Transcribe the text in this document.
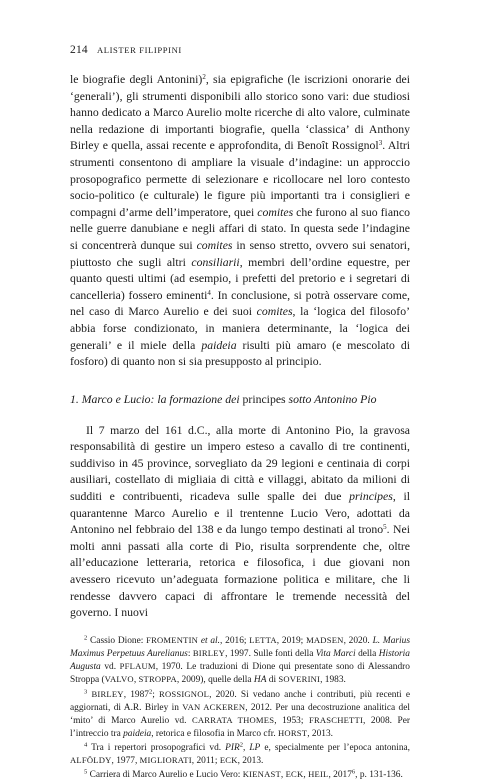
214 ALISTER FILIPPINI

le biografie degli Antonini)$^2$, sia epigrafiche (le iscrizioni onorarie dei ‘generali’), gli strumenti disponibili allo storico sono vari: due studiosi hanno dedicato a Marco Aurelio molte ricerche di alto valore, culminate nella redazione di importanti biografie, quella ‘classica’ di Anthony Birley e quella, assai recente e approfondita, di Benoît Rossignol$^3$. Altri strumenti consentono di ampliare la visuale d’indagine: un approccio prosopografico permette di selezionare e ricollocare nel loro contesto socio-politico (e culturale) le figure più importanti tra i consiglieri e compagni d’arme dell’imperatore, quei comites che furono al suo fianco nelle guerre danubiane e negli affari di stato. In questa sede l’indagine si concentrerà dunque sui comites in senso stretto, ovvero sui senatori, piuttosto che sugli altri consiliarii, membri dell’ordine equestre, per quanto questi ultimi (ad esempio, i prefetti del pretorio e i segretari di cancelleria) fossero eminenti$^4$. In conclusione, si potrà osservare come, nel caso di Marco Aurelio e dei suoi comites, la ‘logica del filosofo’ abbia forse condizionato, in maniera determinante, la ‘logica dei generali’ e il miele della paideia risulti più amaro (e mescolato di fosforo) di quanto non si sia presupposto al principio.

1. Marco e Lucio: la formazione dei principes sotto Antonino Pio

Il 7 marzo del 161 d.C., alla morte di Antonino Pio, la gravosa responsabilità di gestire un impero esteso a cavallo di tre continenti, suddiviso in 45 province, sorvegliato da 29 legioni e centinaia di corpi ausiliari, costellato di migliaia di città e villaggi, abitato da milioni di sudditi e contribuenti, ricadeva sulle spalle dei due principes, il quarantenne Marco Aurelio e il trentenne Lucio Vero, adottati da Antonino nel febbraio del 138 e da lungo tempo destinati al trono$^5$. Nei molti anni passati alla corte di Pio, risulta sorprendente che, oltre all’educazione letteraria, retorica e filosofica, i due giovani non avessero ricevuto un’adeguata formazione politica e militare, che li rendesse davvero capaci di affrontare le tremende necessità del governo. I nuovi

$^2$ Cassio Dione: FROMENTIN et al., 2016; LETTA, 2019; MADSEN, 2020. L. Marius Maximus Perpetuus Aurelianus: BIRLEY, 1997. Sulle fonti della Vita Marci della Historia Augusta vd. PFLAUM, 1970. Le traduzioni di Dione qui presentate sono di Alessandro Stroppa (VALVO, STROPPA, 2009), quelle della HA di SOVERINI, 1983.

$^3$ BIRLEY, 1987$^2$; ROSSIGNOL, 2020. Si vedano anche i contributi, più recenti e aggiornati, di A.R. Birley in VAN ACKEREN, 2012. Per una decostruzione analitica del ‘mito’ di Marco Aurelio vd. CARRATA THOMES, 1953; FRASCHETTI, 2008. Per l’intreccio tra paideia, retorica e filosofia in Marco cfr. HORST, 2013.

$^4$ Tra i repertori prosopografici vd. PIR$^2$, LP e, specialmente per l’epoca antonina, ALFÖLDY, 1977, MIGLIORATI, 2011; ECK, 2013.

$^5$ Carriera di Marco Aurelio e Lucio Vero: KIENAST, ECK, HEIL, 2017$^6$, p. 131-136.
